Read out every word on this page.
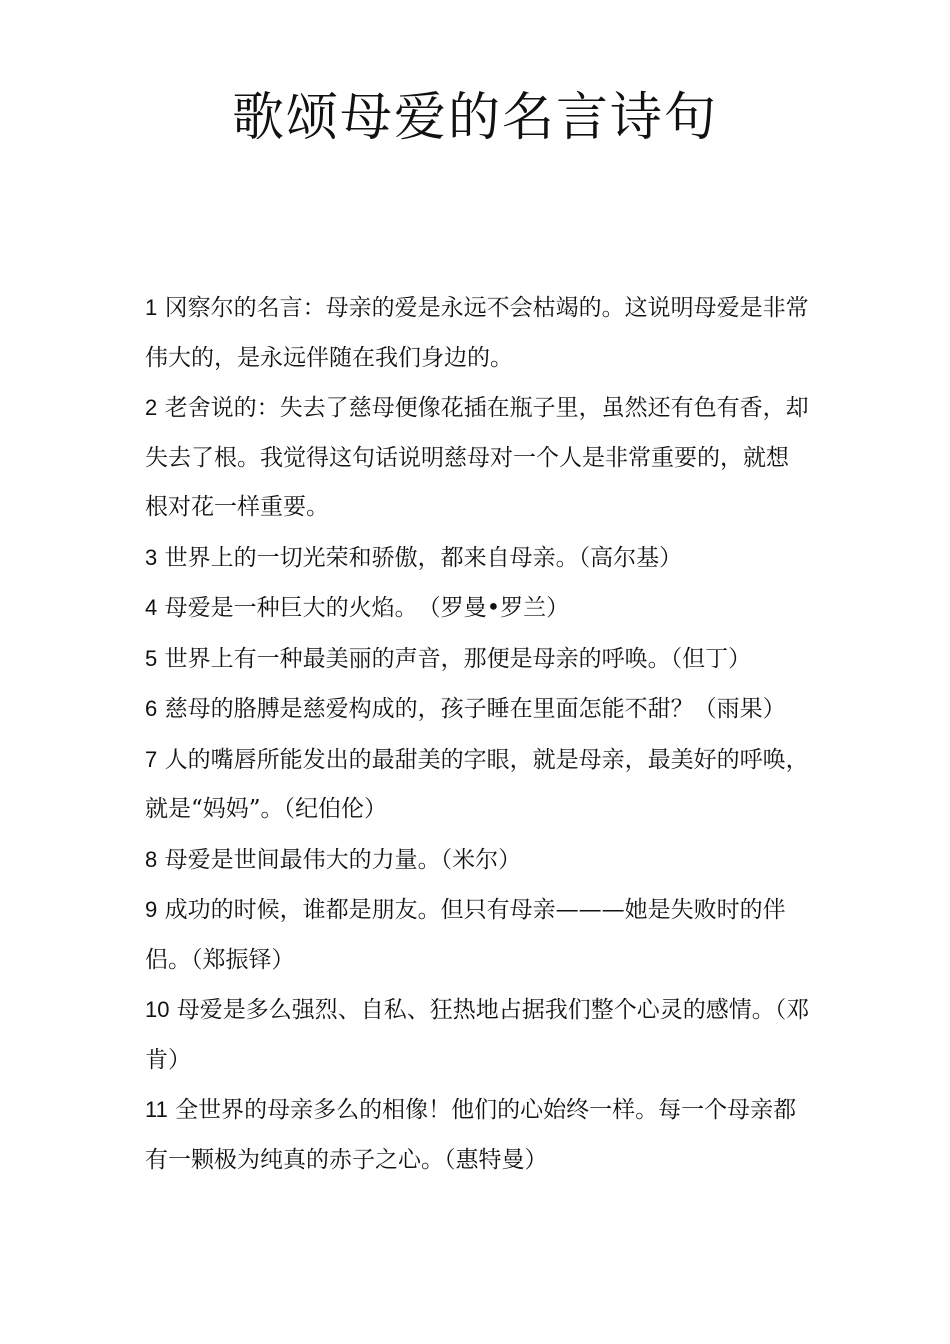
歌颂母爱的名言诗句
1 冈察尔的名言：母亲的爱是永远不会枯竭的。这说明母爱是非常伟大的，是永远伴随在我们身边的。
2 老舍说的：失去了慈母便像花插在瓶子里，虽然还有色有香，却失去了根。我觉得这句话说明慈母对一个人是非常重要的，就想根对花一样重要。
3 世界上的一切光荣和骄傲，都来自母亲。（高尔基）
4 母爱是一种巨大的火焰。　（罗曼•罗兰）
5 世界上有一种最美丽的声音，那便是母亲的呼唤。（但丁）
6 慈母的胳膊是慈爱构成的，孩子睡在里面怎能不甜？（雨果）
7 人的嘴唇所能发出的最甜美的字眼，就是母亲，最美好的呼唤，就是“妈妈”。（纪伯伦）
8 母爱是世间最伟大的力量。（米尔）
9 成功的时候，谁都是朋友。但只有母亲———她是失败时的伴侣。（郑振铎）
10 母爱是多么强烈、自私、狂热地占据我们整个心灵的感情。（邓肯）
11 全世界的母亲多么的相像！他们的心始终一样。每一个母亲都有一颗极为纯真的赤子之心。（惠特曼）
